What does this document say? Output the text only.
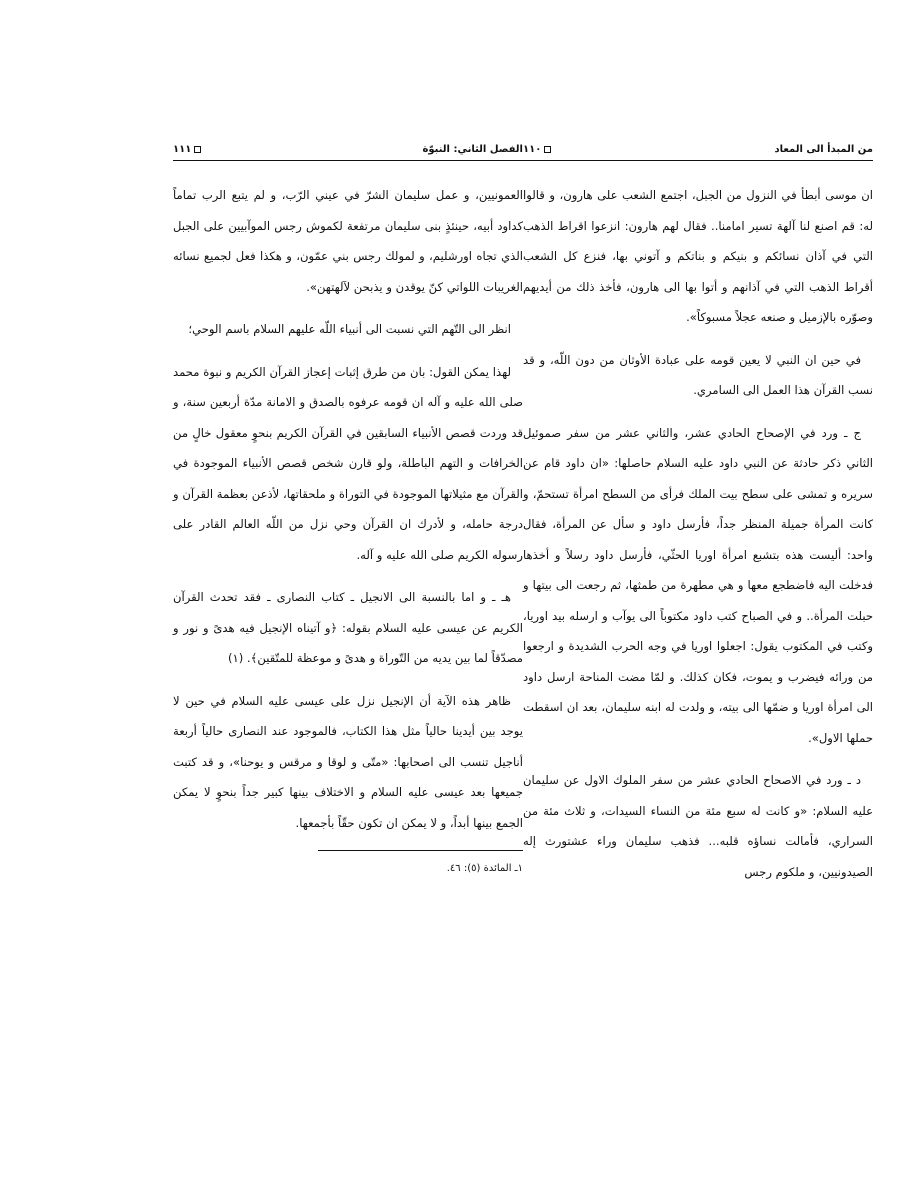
من المبدأ الى المعاد
۱۱۰

ان موسى أبطأ في النزول من الجبل، اجتمع الشعب على هارون، و قالوا له: قم اصنع لنا آلهة تسير امامنا.. فقال لهم هارون: انزعوا اقراط الذهب التي في آذان نسائكم و بنيكم و بناتكم و آتوني بها، فنزع كل الشعب أقراط الذهب التي في آذانهم و أتوا بها الى هارون، فأخذ ذلك من أيديهم وصوّره بالإزميل و صنعه عجلاً مسبوكاً».

في حين ان النبي لا يعين قومه على عبادة الأوثان من دون اللّه، و قد نسب القرآن هذا العمل الى السامري.

ج ـ ورد في الإصحاح الحادي عشر، والثاني عشر من سفر صموئيل الثاني ذكر حادثة عن النبي داود عليه السلام حاصلها: «ان داود قام عن سريره و تمشى على سطح بيت الملك فرأى من السطح امرأة تستحمّ، و كانت المرأة جميلة المنظر جداً، فأرسل داود و سأل عن المرأة، فقال واحد: أليست هذه بتشبع امرأة اوريا الحثّي، فأرسل داود رسلاً و أخذها فدخلت اليه فاضطجع معها و هي مطهرة من طمثها، ثم رجعت الى بيتها و حبلت المرأة.. و في الصباح كتب داود مكتوباً الى يوآب و ارسله بيد اوريا، وكتب في المكتوب يقول: اجعلوا اوريا في وجه الحرب الشديدة و ارجعوا من ورائه فيضرب و يموت، فكان كذلك. و لمّا مضت المناحة ارسل داود الى امرأة اوريا و ضمّها الى بيته، و ولدت له ابنه سليمان، بعد ان اسقطت حملها الاول».

د ـ ورد في الاصحاح الحادي عشر من سفر الملوك الاول عن سليمان عليه السلام: «و كانت له سبع مئة من النساء السيدات، و ثلاث مئة من السراري، فأمالت نساؤه قلبه... فذهب سليمان وراء عشتورث إله الصيدونيين، و ملكوم رجس

الفصل الثاني: النبوّة
۱۱۱

العمونيين، و عمل سليمان الشرّ في عيني الرّب، و لم يتبع الرب تماماً كداود أبيه، حينئذٍ بنى سليمان مرتفعة لكموش رجس الموآبيين على الجبل الذي تجاه اورشليم، و لمولك رجس بني عمّون، و هكذا فعل لجميع نسائه الغريبات اللواتي كنّ يوقدن و يذبحن لآلهتهن».

انظر الى التّهم التي نسبت الى أنبياء اللّه عليهم السلام باسم الوحي؛

لهذا يمكن القول: بان من طرق إثبات إعجاز القرآن الكريم و نبوة محمد صلى الله عليه و آله ان قومه عرفوه بالصدق و الامانة مدّة أربعين سنة، و قد وردت قصص الأنبياء السابقين في القرآن الكريم بنحوٍ معقول خالٍ من الخرافات و التهم الباطلة، ولو قارن شخص قصص الأنبياء الموجودة في القرآن مع مثيلاتها الموجودة في التوراة و ملحقاتها، لأذعن بعظمة القرآن و درجة حامله، و لأدرك ان القرآن وحي نزل من اللّه العالم القادر على رسوله الكريم صلى الله عليه و آله.

هـ ـ و اما بالنسبة الى الانجيل ـ كتاب النصارى ـ فقد تحدث القرآن الكريم عن عيسى عليه السلام بقوله: ﴿و آتيناه الإنجيل فيه هدىً و نور و مصدّقاً لما بين يديه من التّوراة و هدىً و موعظة للمتّقين﴾. (١)

ظاهر هذه الآية أن الإنجيل نزل على عيسى عليه السلام في حين لا يوجد بين أيدينا حالياً مثل هذا الكتاب، فالموجود عند النصارى حالياً أربعة أناجيل تنسب الى اصحابها: «متّى و لوقا و مرقس و يوحنا»، و قد كتبت جميعها بعد عيسى عليه السلام و الاختلاف بينها كبير جداً بنحوٍ لا يمكن الجمع بينها أبداً، و لا يمكن ان تكون حقّاً بأجمعها.

١ـ المائدة (٥): ٤٦.
